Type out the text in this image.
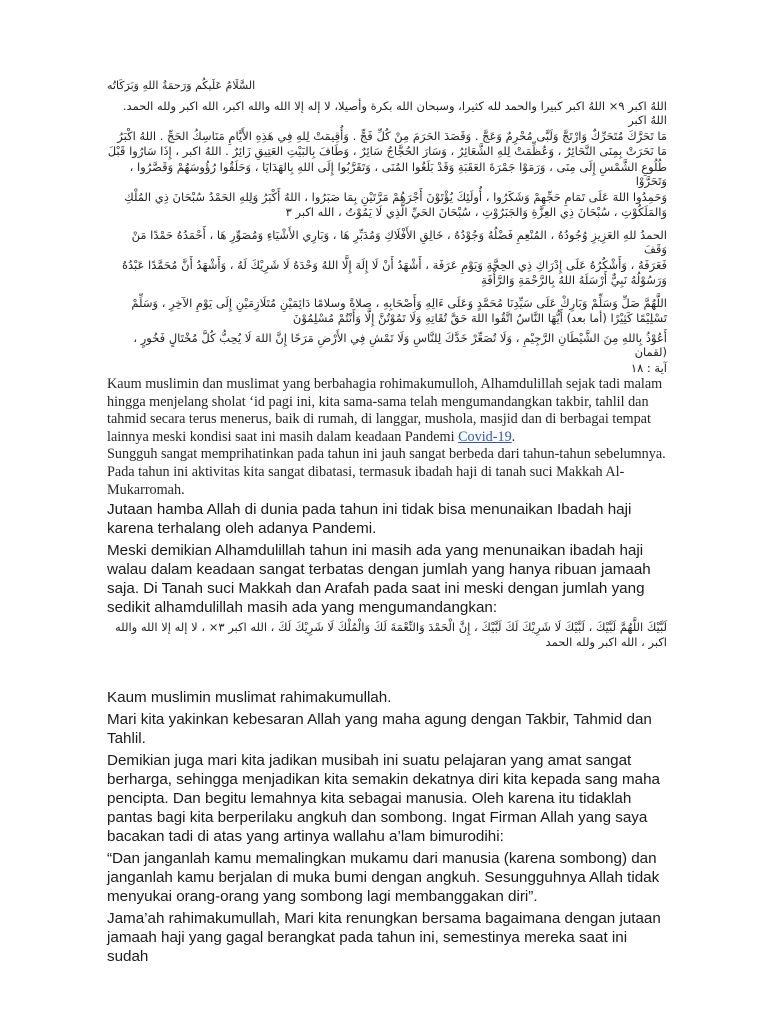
السَّلَامُ عَلَيكُم وَرَحمَةُ اللهِ وَبَرَكَاتُه

اللهُ اكبر ٩× اللهُ اكبر كبيرا والحمد لله كثيرا، وسبحان الله بكرة وأصيلا، لا إله إلا الله والله اكبر، الله اكبر ولله الحمد. اللهُ اكبر

مَا تَحَرَّكَ مُتَحَرِّكٌ وَارْتَجَّ وَلَبَّى مُحْرِمٌ وَعَجَّ . وَقَصَدَ الحَرَمَ مِنْ كُلِّ فَجٍّ . وَأُقِيمَتْ لِلهِ فِي هَذِهِ الأَيَّامِ مَنَاسِكُ الحَجِّ . اللهُ اكْبَرُ

مَا نَحَرَتْ بِمِنَى النَّحَائِرُ ، وَعُظِّمَتْ لِلهِ الشَّعَائِرُ ، وَسَارَ الحُجَّاجُ سَائِرٌ ، وَطَافَ بِالبَيْتِ العَتِيقِ زَائِرٌ . اللهُ اكبر ، إِذَا سَارُوا قَبْلَ

طُلُوعِ الشَّمْسِ إِلَى مِنَى ، وَرَمَوْا جَمْرَةَ العَقَبَةِ وَقَدْ بَلَغُوا المُنَى ، وَتَقَرَّبُوا إِلَى اللهِ بِالهَدَايَا ، وَحَلَقُوا رُؤُوسَهُمْ وَقَصَّرُوا ، وَتَحَرَّوْا

وَحَمِدُوا اللهَ عَلَى تَمَامِ حَجِّهِمْ وَشَكَرُوا ، أُولَئِكَ يُؤْتَوْنَ أَجْرَهُمْ مَرَّتَيْنِ بِمَا صَبَرُوا ، اللهُ أَكْبَرُ وَلِلهِ الحَمْدُ سُبْحَانَ ذِي المُلْكِ

وَالمَلَكُوْتِ ، سُبْحَانَ ذِي العِزَّةِ وَالجَبَرُوْتِ ، سُبْحَانَ الحَيِّ الَّذِي لَا يَمُوْتُ ، الله اكبر ٣

الحمدُ للهِ العَزِيزِ وُجُودُهُ ، المُنْعِمِ فَضْلُهُ وَجُوْدُهُ ، خَالِقِ الأَفْلَاكِ وَمُدَبِّرِ هَا ، وَبَارِي الأَشْيَاءِ وَمُصَوِّرِ هَا ، أَحْمَدُهُ حَمْدًا مَنْ وَقَفَ

فَعَرَفَهُ ، وَأَشْكُرُهُ عَلَى إِدْرَاكِ ذِي الحِجَّةِ وَيَوْمِ عَرَفَة ، أَشْهَدُ أَنْ لَا إِلَهَ إِلَّا اللهُ وَحْدَهُ لَا شَرِيْكَ لَهُ ، وَأَشْهَدُ أَنَّ مُحَمَّدًا عَبْدُهُ

وَرَسُوْلُهُ نَبِيٌّ أَرْسَلَهُ اللهُ بِالرَّحْمَةِ وَالرَّأْفَةِ

اللَّهُمَّ صَلِّ وَسَلِّمْ وَبَارِكْ عَلَى سَيِّدِنَا مُحَمَّدٍ وَعَلَى ءَالِهِ وَأَصْحَابِهِ ، صلاةً وسلامًا دَائِمَيْنِ مُتَلَازِمَيْنِ إِلَى يَوْمِ الآخِرِ ، وَسَلِّمْ

تَسْلِيْمًا كَثِيْرًا (أما بعد) أَيُّهَا النَّاسُ اتَّقُوا اللهَ حَقَّ تُقَاتِهِ وَلَا تَمُوْتُنَّ إِلَّا وَأَنْتُمْ مُسْلِمُوْنَ

أَعُوْذُ بِاللهِ مِنَ الشَّيْطَانِ الرَّجِيْمِ ، وَلَا تُصَعِّرْ خَدَّكَ لِلنَّاسِ وَلَا تَمْشِ فِي الأَرْضِ مَرَحًا إِنَّ اللهَ لَا يُحِبُّ كُلَّ مُخْتَالٍ فَخُورٍ ، (لقمان

آية : ١٨

Kaum muslimin dan muslimat yang berbahagia rohimakumulloh, Alhamdulillah sejak tadi malam hingga menjelang sholat ‘id pagi ini, kita sama-sama telah mengumandangkan takbir, tahlil dan tahmid secara terus menerus, baik di rumah, di langgar, mushola, masjid dan di berbagai tempat lainnya meski kondisi saat ini masih dalam keadaan Pandemi Covid-19.

Sungguh sangat memprihatinkan pada tahun ini jauh sangat berbeda dari tahun-tahun sebelumnya.

Pada tahun ini aktivitas kita sangat dibatasi, termasuk ibadah haji di tanah suci Makkah Al-Mukarromah.

Jutaan hamba Allah di dunia pada tahun ini tidak bisa menunaikan Ibadah haji karena terhalang oleh adanya Pandemi.

Meski demikian Alhamdulillah tahun ini masih ada yang menunaikan ibadah haji walau dalam keadaan sangat terbatas dengan jumlah yang hanya ribuan jamaah saja. Di Tanah suci Makkah dan Arafah pada saat ini meski dengan jumlah yang sedikit alhamdulillah masih ada yang mengumandangkan:

لَبَّيْكَ اللَّهُمَّ لَبَّيْكَ ، لَبَّيْكَ لَا شَرِيْكَ لَكَ لَبَّيْكَ ، إِنَّ الْحَمْدَ وَالنِّعْمَةَ لَكَ وَالْمُلْكَ لَا شَرِيْكَ لَكَ ، الله اكبر ٣× ، لا إله إلا الله والله اكبر ، الله اكبر ولله الحمد

Kaum muslimin muslimat rahimakumullah.

Mari kita yakinkan kebesaran Allah yang maha agung dengan Takbir, Tahmid dan Tahlil.

Demikian juga mari kita jadikan musibah ini suatu pelajaran yang amat sangat berharga, sehingga menjadikan kita semakin dekatnya diri kita kepada sang maha pencipta. Dan begitu lemahnya kita sebagai manusia. Oleh karena itu tidaklah pantas bagi kita berperilaku angkuh dan sombong. Ingat Firman Allah yang saya bacakan tadi di atas yang artinya wallahu a’lam bimurodihi:

“Dan janganlah kamu memalingkan mukamu dari manusia (karena sombong) dan janganlah kamu berjalan di muka bumi dengan angkuh. Sesungguhnya Allah tidak menyukai orang-orang yang sombong lagi membanggakan diri”.

Jama’ah rahimakumullah, Mari kita renungkan bersama bagaimana dengan jutaan jamaah haji yang gagal berangkat pada tahun ini, semestinya mereka saat ini sudah
